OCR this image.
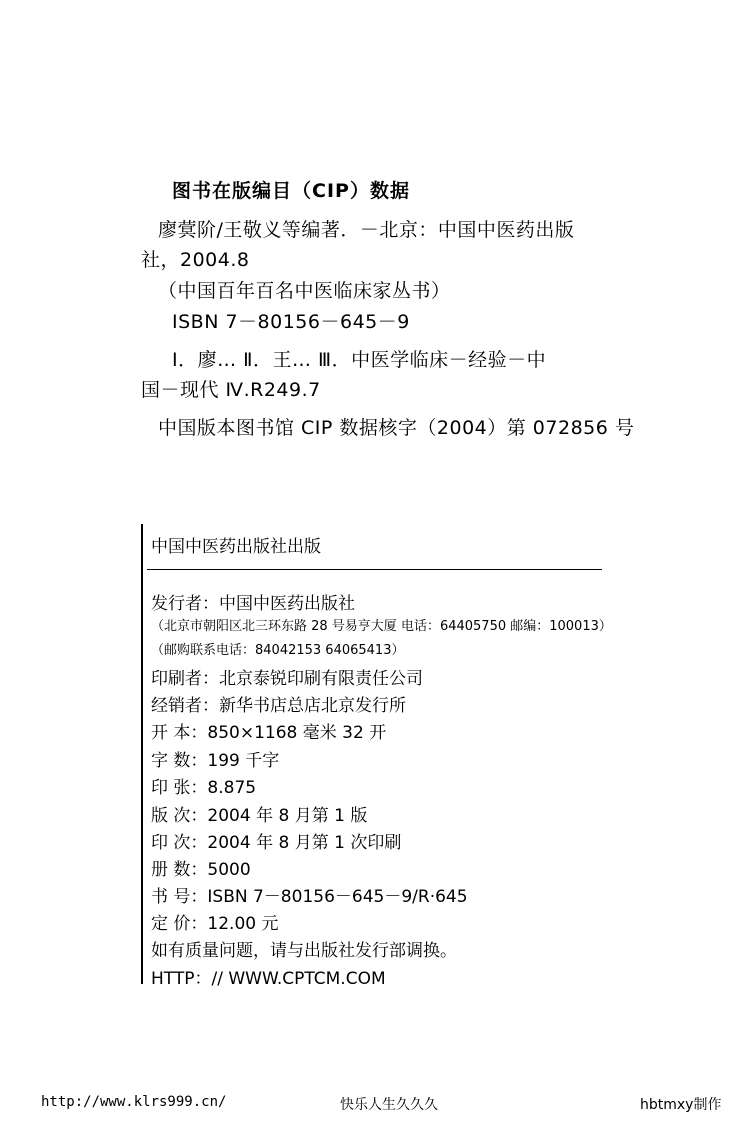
图书在版编目（CIP）数据
廖蓂阶/王敬义等编著．－北京：中国中医药出版
社，2004.8
（中国百年百名中医临床家丛书）
ISBN 7－80156－645－9
Ⅰ．廖… Ⅱ．王… Ⅲ．中医学临床－经验－中
国－现代 Ⅳ.R249.7
中国版本图书馆 CIP 数据核字（2004）第 072856 号
中国中医药出版社出版
发行者：中国中医药出版社
（北京市朝阳区北三环东路 28 号易亨大厦 电话：64405750 邮编：100013）
（邮购联系电话：84042153 64065413）
印刷者：北京泰锐印刷有限责任公司
经销者：新华书店总店北京发行所
开 本：850×1168 毫米 32 开
字 数：199 千字
印 张：8.875
版 次：2004 年 8 月第 1 版
印 次：2004 年 8 月第 1 次印刷
册 数：5000
书 号：ISBN 7－80156－645－9/R·645
定 价：12.00 元
如有质量问题，请与出版社发行部调换。
HTTP：// WWW.CPTCM.COM
http://www.klrs999.cn/	快乐人生久久久	hbtmxy制作
